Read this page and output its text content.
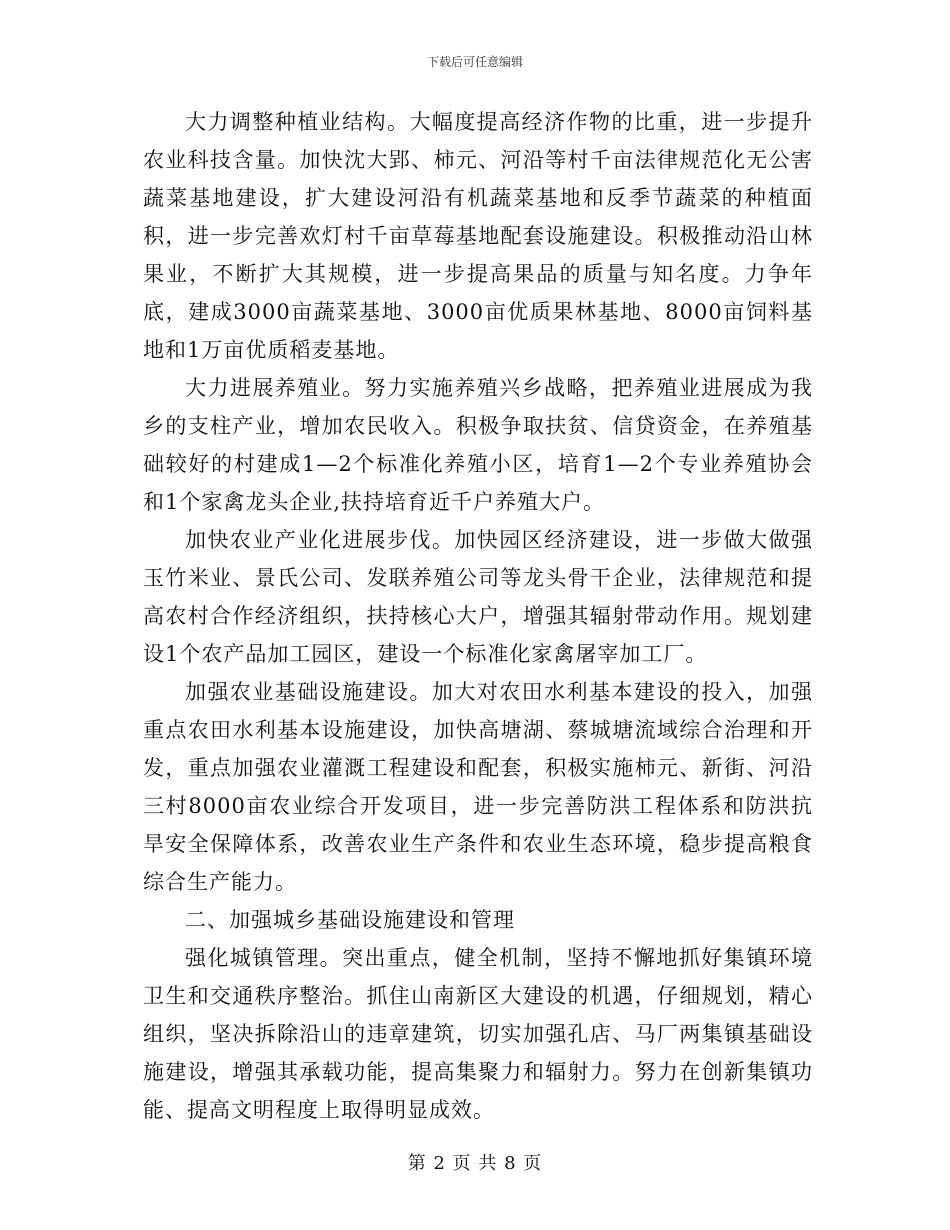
下载后可任意编辑

大力调整种植业结构。大幅度提高经济作物的比重，进一步提升农业科技含量。加快沈大郢、柿元、河沿等村千亩法律规范化无公害蔬菜基地建设，扩大建设河沿有机蔬菜基地和反季节蔬菜的种植面积，进一步完善欢灯村千亩草莓基地配套设施建设。积极推动沿山林果业，不断扩大其规模，进一步提高果品的质量与知名度。力争年底，建成3000亩蔬菜基地、3000亩优质果林基地、8000亩饲料基地和1万亩优质稻麦基地。

大力进展养殖业。努力实施养殖兴乡战略，把养殖业进展成为我乡的支柱产业，增加农民收入。积极争取扶贫、信贷资金，在养殖基础较好的村建成1—2个标准化养殖小区，培育1—2个专业养殖协会和1个家禽龙头企业,扶持培育近千户养殖大户。

加快农业产业化进展步伐。加快园区经济建设，进一步做大做强玉竹米业、景氏公司、发联养殖公司等龙头骨干企业，法律规范和提高农村合作经济组织，扶持核心大户，增强其辐射带动作用。规划建设1个农产品加工园区，建设一个标准化家禽屠宰加工厂。

加强农业基础设施建设。加大对农田水利基本建设的投入，加强重点农田水利基本设施建设，加快高塘湖、蔡城塘流域综合治理和开发，重点加强农业灌溉工程建设和配套，积极实施柿元、新街、河沿三村8000亩农业综合开发项目，进一步完善防洪工程体系和防洪抗旱安全保障体系，改善农业生产条件和农业生态环境，稳步提高粮食综合生产能力。

二、加强城乡基础设施建设和管理

强化城镇管理。突出重点，健全机制，坚持不懈地抓好集镇环境卫生和交通秩序整治。抓住山南新区大建设的机遇，仔细规划，精心组织，坚决拆除沿山的违章建筑，切实加强孔店、马厂两集镇基础设施建设，增强其承载功能，提高集聚力和辐射力。努力在创新集镇功能、提高文明程度上取得明显成效。

第 2 页 共 8 页
